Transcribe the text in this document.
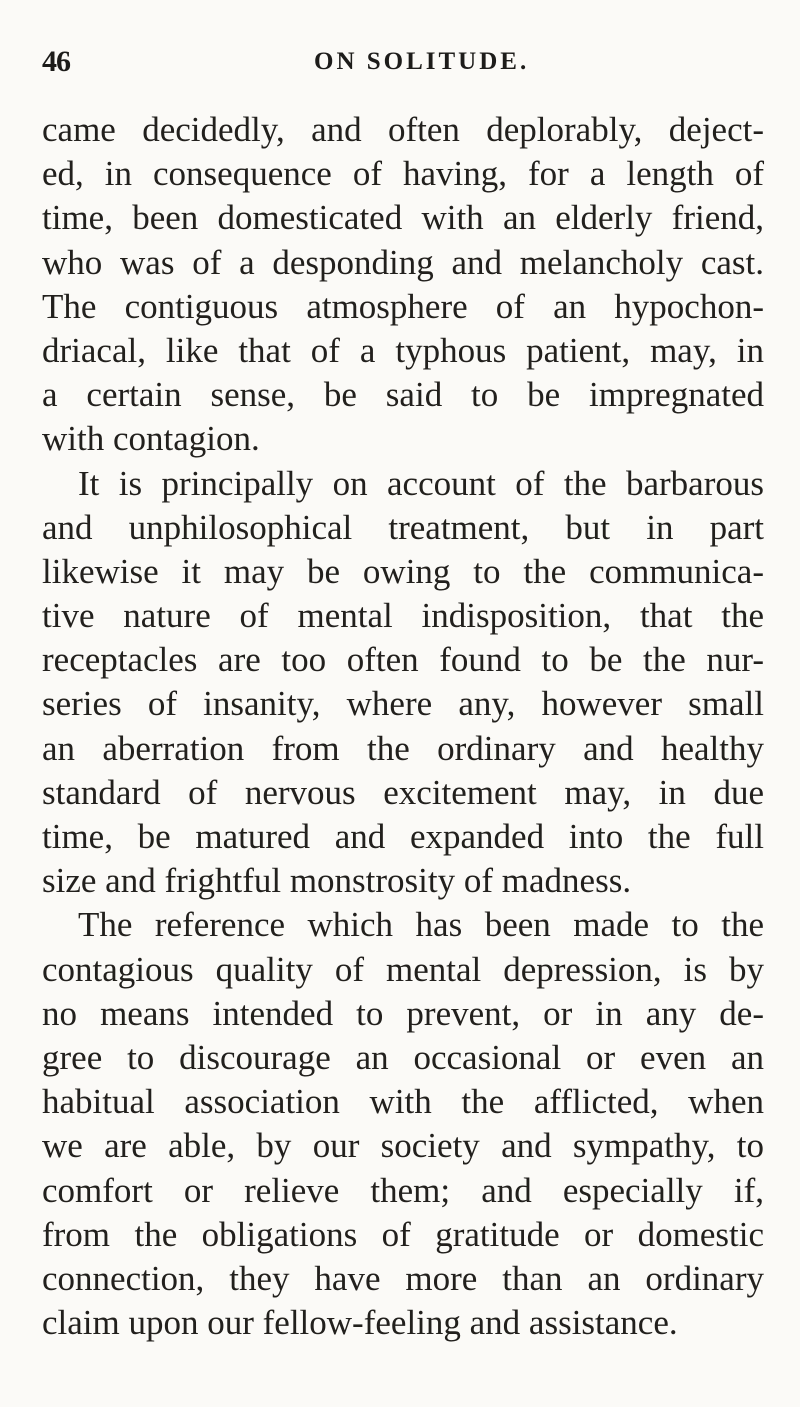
46	ON SOLITUDE.
came decidedly, and often deplorably, deject-
ed, in consequence of having, for a length of
time, been domesticated with an elderly friend,
who was of a desponding and melancholy cast.
The contiguous atmosphere of an hypochon-
driacal, like that of a typhous patient, may, in
a certain sense, be said to be impregnated
with contagion.
It is principally on account of the barbarous
and unphilosophical treatment, but in part
likewise it may be owing to the communica-
tive nature of mental indisposition, that the
receptacles are too often found to be the nur-
series of insanity, where any, however small
an aberration from the ordinary and healthy
standard of nervous excitement may, in due
time, be matured and expanded into the full
size and frightful monstrosity of madness.
The reference which has been made to the
contagious quality of mental depression, is by
no means intended to prevent, or in any de-
gree to discourage an occasional or even an
habitual association with the afflicted, when
we are able, by our society and sympathy, to
comfort or relieve them; and especially if,
from the obligations of gratitude or domestic
connection, they have more than an ordinary
claim upon our fellow-feeling and assistance.
